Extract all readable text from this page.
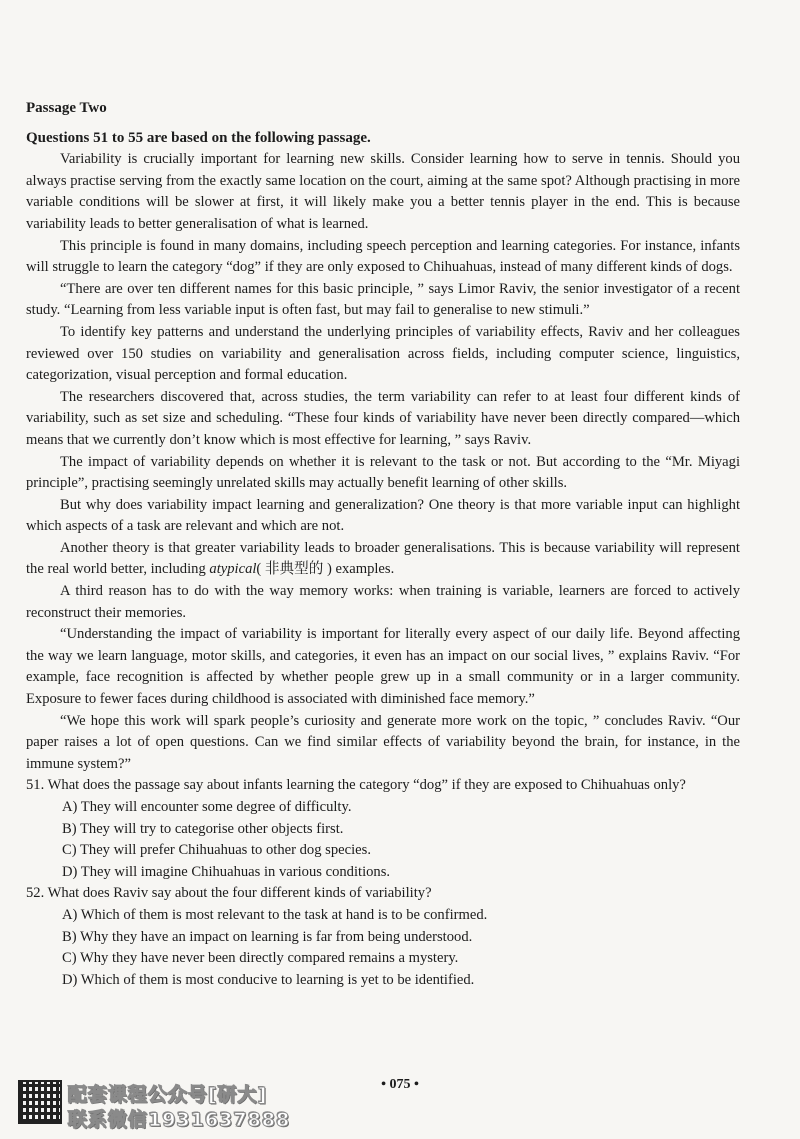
Passage Two
Questions 51 to 55 are based on the following passage.

Variability is crucially important for learning new skills. Consider learning how to serve in tennis. Should you always practise serving from the exactly same location on the court, aiming at the same spot? Although practising in more variable conditions will be slower at first, it will likely make you a better tennis player in the end. This is because variability leads to better generalisation of what is learned.

This principle is found in many domains, including speech perception and learning categories. For instance, infants will struggle to learn the category “dog” if they are only exposed to Chihuahuas, instead of many different kinds of dogs.

“There are over ten different names for this basic principle, ” says Limor Raviv, the senior investigator of a recent study. “Learning from less variable input is often fast, but may fail to generalise to new stimuli.”

To identify key patterns and understand the underlying principles of variability effects, Raviv and her colleagues reviewed over 150 studies on variability and generalisation across fields, including computer science, linguistics, categorization, visual perception and formal education.

The researchers discovered that, across studies, the term variability can refer to at least four different kinds of variability, such as set size and scheduling. “These four kinds of variability have never been directly compared—which means that we currently don’t know which is most effective for learning, ” says Raviv.

The impact of variability depends on whether it is relevant to the task or not. But according to the “Mr. Miyagi principle”, practising seemingly unrelated skills may actually benefit learning of other skills.

But why does variability impact learning and generalization? One theory is that more variable input can highlight which aspects of a task are relevant and which are not.

Another theory is that greater variability leads to broader generalisations. This is because variability will represent the real world better, including atypical( 非典型的 ) examples.

A third reason has to do with the way memory works: when training is variable, learners are forced to actively reconstruct their memories.

“Understanding the impact of variability is important for literally every aspect of our daily life. Beyond affecting the way we learn language, motor skills, and categories, it even has an impact on our social lives, ” explains Raviv. “For example, face recognition is affected by whether people grew up in a small community or in a larger community. Exposure to fewer faces during childhood is associated with diminished face memory.”

“We hope this work will spark people’s curiosity and generate more work on the topic, ” concludes Raviv. “Our paper raises a lot of open questions. Can we find similar effects of variability beyond the brain, for instance, in the immune system?”

51. What does the passage say about infants learning the category “dog” if they are exposed to Chihuahuas only?

A) They will encounter some degree of difficulty.
B) They will try to categorise other objects first.
C) They will prefer Chihuahuas to other dog species.
D) They will imagine Chihuahuas in various conditions.

52. What does Raviv say about the four different kinds of variability?

A) Which of them is most relevant to the task at hand is to be confirmed.
B) Why they have an impact on learning is far from being understood.
C) Why they have never been directly compared remains a mystery.
D) Which of them is most conducive to learning is yet to be identified.
• 075 •
配套课程公众号[研大]
联系微信1931637888
